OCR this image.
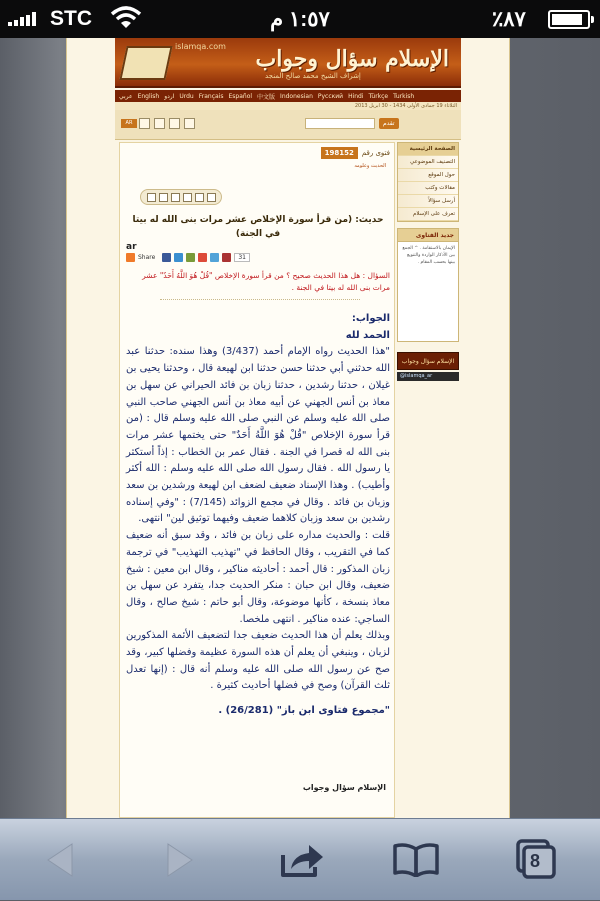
STC	١:٥٧ م	٪٨٧
islamqa.com الإسلام سؤال وجواب
إشراف الشيخ محمد صالح المنجد
عربي English اردو Urdu Français Español 中文版 Indonesian Русский Hindi Türkçe Turkish
الثلاثاء 19 جمادى الأولى 1434 - 30 ابريل 2013
AR	تقدم
فتوى رقم
198152
الحديث وعلومه
حديث: (من قرأ سورة الإخلاص عشر مرات بنى الله له بيتا في الجنة)
ar
Share	31
السؤال : هل هذا الحديث صحيح ؟ من قرأ سورة الإخلاص "قُلْ هُوَ اللَّهُ أَحَدٌ" عشر مرات بنى الله له بيتا في الجنة .

الجواب:

الحمد لله

"هذا الحديث رواه الإمام أحمد (3/437) وهذا سنده: حدثنا عبد الله حدثني أبي حدثنا حسن حدثنا ابن لهيعة قال ، وحدثنا يحيى بن غيلان ، حدثنا رشدين ، حدثنا زبان بن فائد الحيراني عن سهل بن معاذ بن أنس الجهني عن أبيه معاذ بن أنس الجهني صاحب النبي صلى الله عليه وسلم عن النبي صلى الله عليه وسلم قال : (من قرأ سورة الإخلاص "قُلْ هُوَ اللَّهُ أَحَدٌ" حتى يختمها عشر مرات بنى الله له قصرا في الجنة . فقال عمر بن الخطاب : إذاً أستكثر يا رسول الله . فقال رسول الله صلى الله عليه وسلم : الله أكثر وأطيب) . وهذا الإسناد ضعيف لضعف ابن لهيعة ورشدين بن سعد وزبان بن فائد . وقال في مجمع الزوائد (7/145) : "وفي إسناده رشدين بن سعد وزبان كلاهما ضعيف وفيهما توثيق لين" انتهى.

قلت : والحديث مداره على زبان بن فائد ، وقد سبق أنه ضعيف كما في التقريب ، وقال الحافظ في "تهذيب التهذيب" في ترجمة زبان المذكور : قال أحمد : أحاديثه مناكير ، وقال ابن معين : شيخ ضعيف، وقال ابن حبان : منكر الحديث جدا، يتفرد عن سهل بن معاذ بنسخة ، كأنها موضوعة، وقال أبو حاتم : شيخ صالح ، وقال الساجي: عنده مناكير . انتهى ملخصا.

وبذلك يعلم أن هذا الحديث ضعيف جدا لتضعيف الأئمة المذكورين لزبان ، وينبغي أن يعلم أن هذه السورة عظيمة وفضلها كبير، وقد صح عن رسول الله صلى الله عليه وسلم أنه قال : (إنها تعدل ثلث القرآن) وصح في فضلها أحاديث كثيرة .

"مجموع فتاوى ابن باز" (26/281) .

الإسلام سؤال وجواب
الصفحة الرئيسية
التصنيف الموضوعي
حول الموقع
مقالات وكتب
أرسل سؤالاً
تعرف على الإسلام
جديد الفتاوى
الإيمان بالاستقامة . ^ الجمع بين الأذكار الواردة والتنويع بينها بحسب المقام .
الإسلام سؤال وجواب
@islamqa_ar
8
